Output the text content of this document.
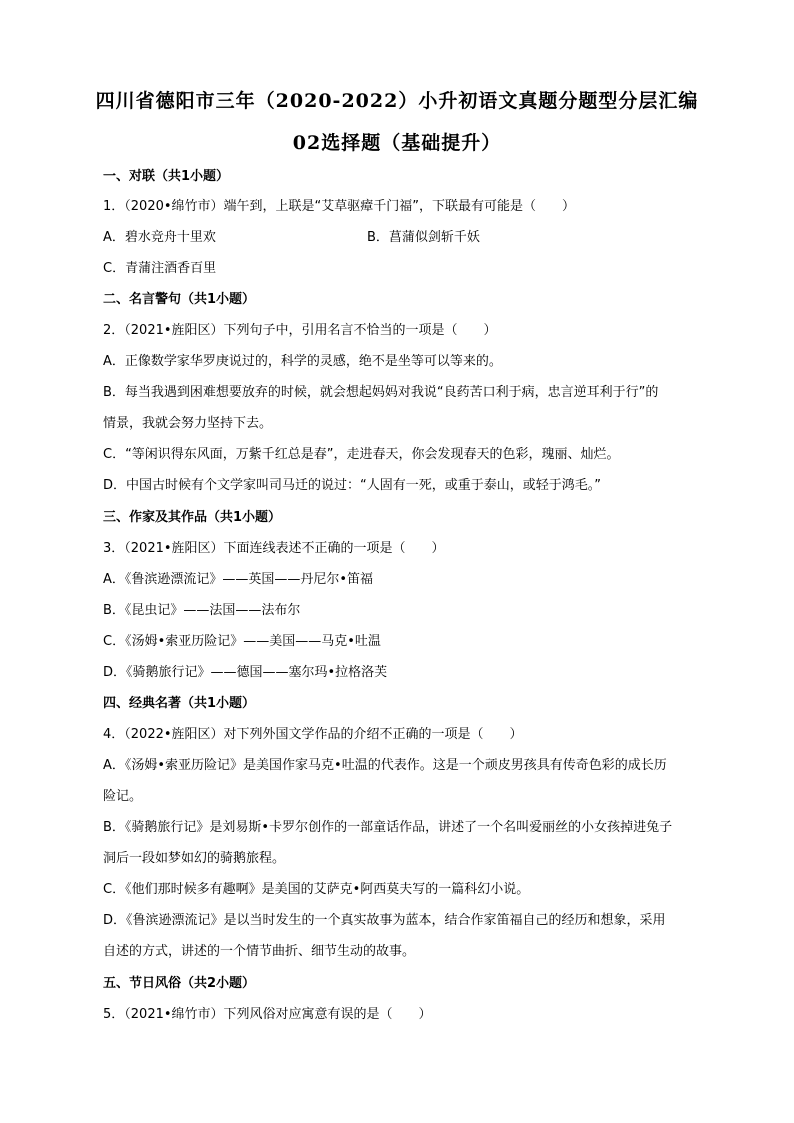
四川省德阳市三年（2020-2022）小升初语文真题分题型分层汇编
02选择题（基础提升）
一、对联（共1小题）
1．（2020•绵竹市）端午到，上联是“艾草驱瘴千门福”，下联最有可能是（　　）
A．碧水竞舟十里欢	B．菖蒲似剑斩千妖
C．青蒲注酒香百里
二、名言警句（共1小题）
2．（2021•旌阳区）下列句子中，引用名言不恰当的一项是（　　）
A．正像数学家华罗庚说过的，科学的灵感，绝不是坐等可以等来的。
B．每当我遇到困难想要放弃的时候，就会想起妈妈对我说“良药苦口利于病，忠言逆耳利于行”的
情景，我就会努力坚持下去。
C．“等闲识得东风面，万紫千红总是春”，走进春天，你会发现春天的色彩，瑰丽、灿烂。
D．中国古时候有个文学家叫司马迁的说过：“人固有一死，或重于泰山，或轻于鸿毛。”
三、作家及其作品（共1小题）
3．（2021•旌阳区）下面连线表述不正确的一项是（　　）
A．《鲁滨逊漂流记》——英国——丹尼尔•笛福
B．《昆虫记》——法国——法布尔
C．《汤姆•索亚历险记》——美国——马克•吐温
D．《骑鹅旅行记》——德国——塞尔玛•拉格洛芙
四、经典名著（共1小题）
4．（2022•旌阳区）对下列外国文学作品的介绍不正确的一项是（　　）
A．《汤姆•索亚历险记》是美国作家马克•吐温的代表作。这是一个顽皮男孩具有传奇色彩的成长历
险记。
B．《骑鹅旅行记》是刘易斯•卡罗尔创作的一部童话作品，讲述了一个名叫爱丽丝的小女孩掉进兔子
洞后一段如梦如幻的骑鹅旅程。
C．《他们那时候多有趣啊》是美国的艾萨克•阿西莫夫写的一篇科幻小说。
D．《鲁滨逊漂流记》是以当时发生的一个真实故事为蓝本，结合作家笛福自己的经历和想象，采用
自述的方式，讲述的一个情节曲折、细节生动的故事。
五、节日风俗（共2小题）
5．（2021•绵竹市）下列风俗对应寓意有误的是（　　）
